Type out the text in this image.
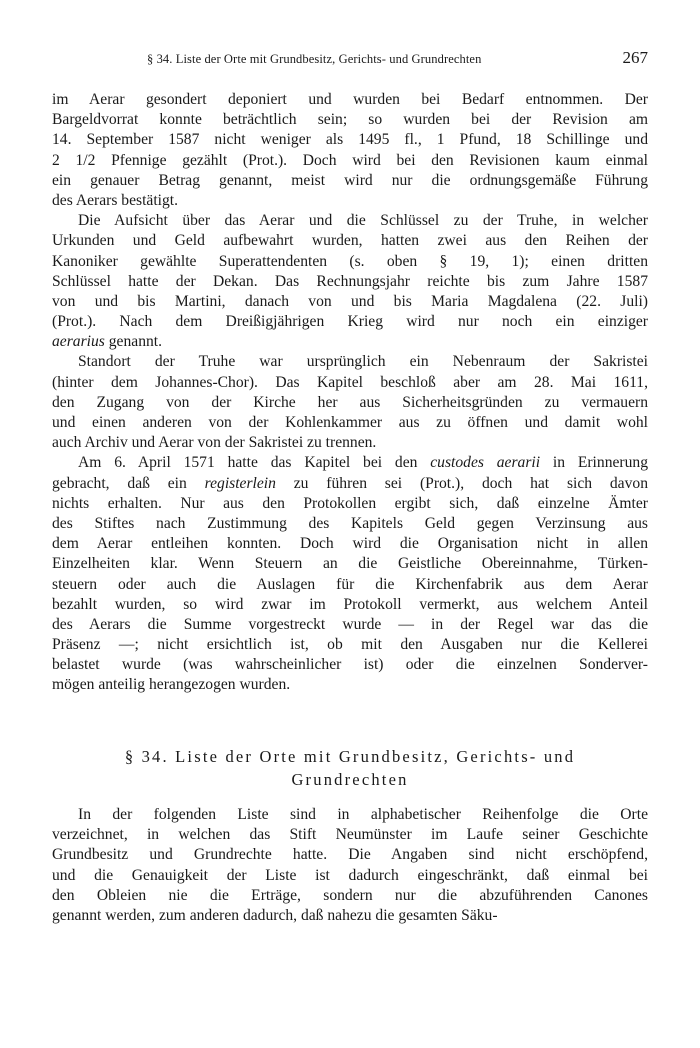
§ 34. Liste der Orte mit Grundbesitz, Gerichts- und Grundrechten	267
im Aerar gesondert deponiert und wurden bei Bedarf entnommen. Der
Bargeldvorrat konnte beträchtlich sein; so wurden bei der Revision am
14. September 1587 nicht weniger als 1495 fl., 1 Pfund, 18 Schillinge und
2 1/2 Pfennige gezählt (Prot.). Doch wird bei den Revisionen kaum einmal
ein genauer Betrag genannt, meist wird nur die ordnungsgemäße Führung
des Aerars bestätigt.
Die Aufsicht über das Aerar und die Schlüssel zu der Truhe, in welcher
Urkunden und Geld aufbewahrt wurden, hatten zwei aus den Reihen der
Kanoniker gewählte Superattendenten (s. oben § 19, 1); einen dritten
Schlüssel hatte der Dekan. Das Rechnungsjahr reichte bis zum Jahre 1587
von und bis Martini, danach von und bis Maria Magdalena (22. Juli)
(Prot.). Nach dem Dreißigjährigen Krieg wird nur noch ein einziger
aerarius genannt.
Standort der Truhe war ursprünglich ein Nebenraum der Sakristei
(hinter dem Johannes-Chor). Das Kapitel beschloß aber am 28. Mai 1611,
den Zugang von der Kirche her aus Sicherheitsgründen zu vermauern
und einen anderen von der Kohlenkammer aus zu öffnen und damit wohl
auch Archiv und Aerar von der Sakristei zu trennen.
Am 6. April 1571 hatte das Kapitel bei den custodes aerarii in Erinnerung
gebracht, daß ein registerlein zu führen sei (Prot.), doch hat sich davon
nichts erhalten. Nur aus den Protokollen ergibt sich, daß einzelne Ämter
des Stiftes nach Zustimmung des Kapitels Geld gegen Verzinsung aus
dem Aerar entleihen konnten. Doch wird die Organisation nicht in allen
Einzelheiten klar. Wenn Steuern an die Geistliche Obereinnahme, Türken-
steuern oder auch die Auslagen für die Kirchenfabrik aus dem Aerar
bezahlt wurden, so wird zwar im Protokoll vermerkt, aus welchem Anteil
des Aerars die Summe vorgestreckt wurde — in der Regel war das die
Präsenz —; nicht ersichtlich ist, ob mit den Ausgaben nur die Kellerei
belastet wurde (was wahrscheinlicher ist) oder die einzelnen Sonderver-
mögen anteilig herangezogen wurden.
§ 34. Liste der Orte mit Grundbesitz, Gerichts- und
Grundrechten
In der folgenden Liste sind in alphabetischer Reihenfolge die Orte
verzeichnet, in welchen das Stift Neumünster im Laufe seiner Geschichte
Grundbesitz und Grundrechte hatte. Die Angaben sind nicht erschöpfend,
und die Genauigkeit der Liste ist dadurch eingeschränkt, daß einmal bei
den Obleien nie die Erträge, sondern nur die abzuführenden Canones
genannt werden, zum anderen dadurch, daß nahezu die gesamten Säku-
